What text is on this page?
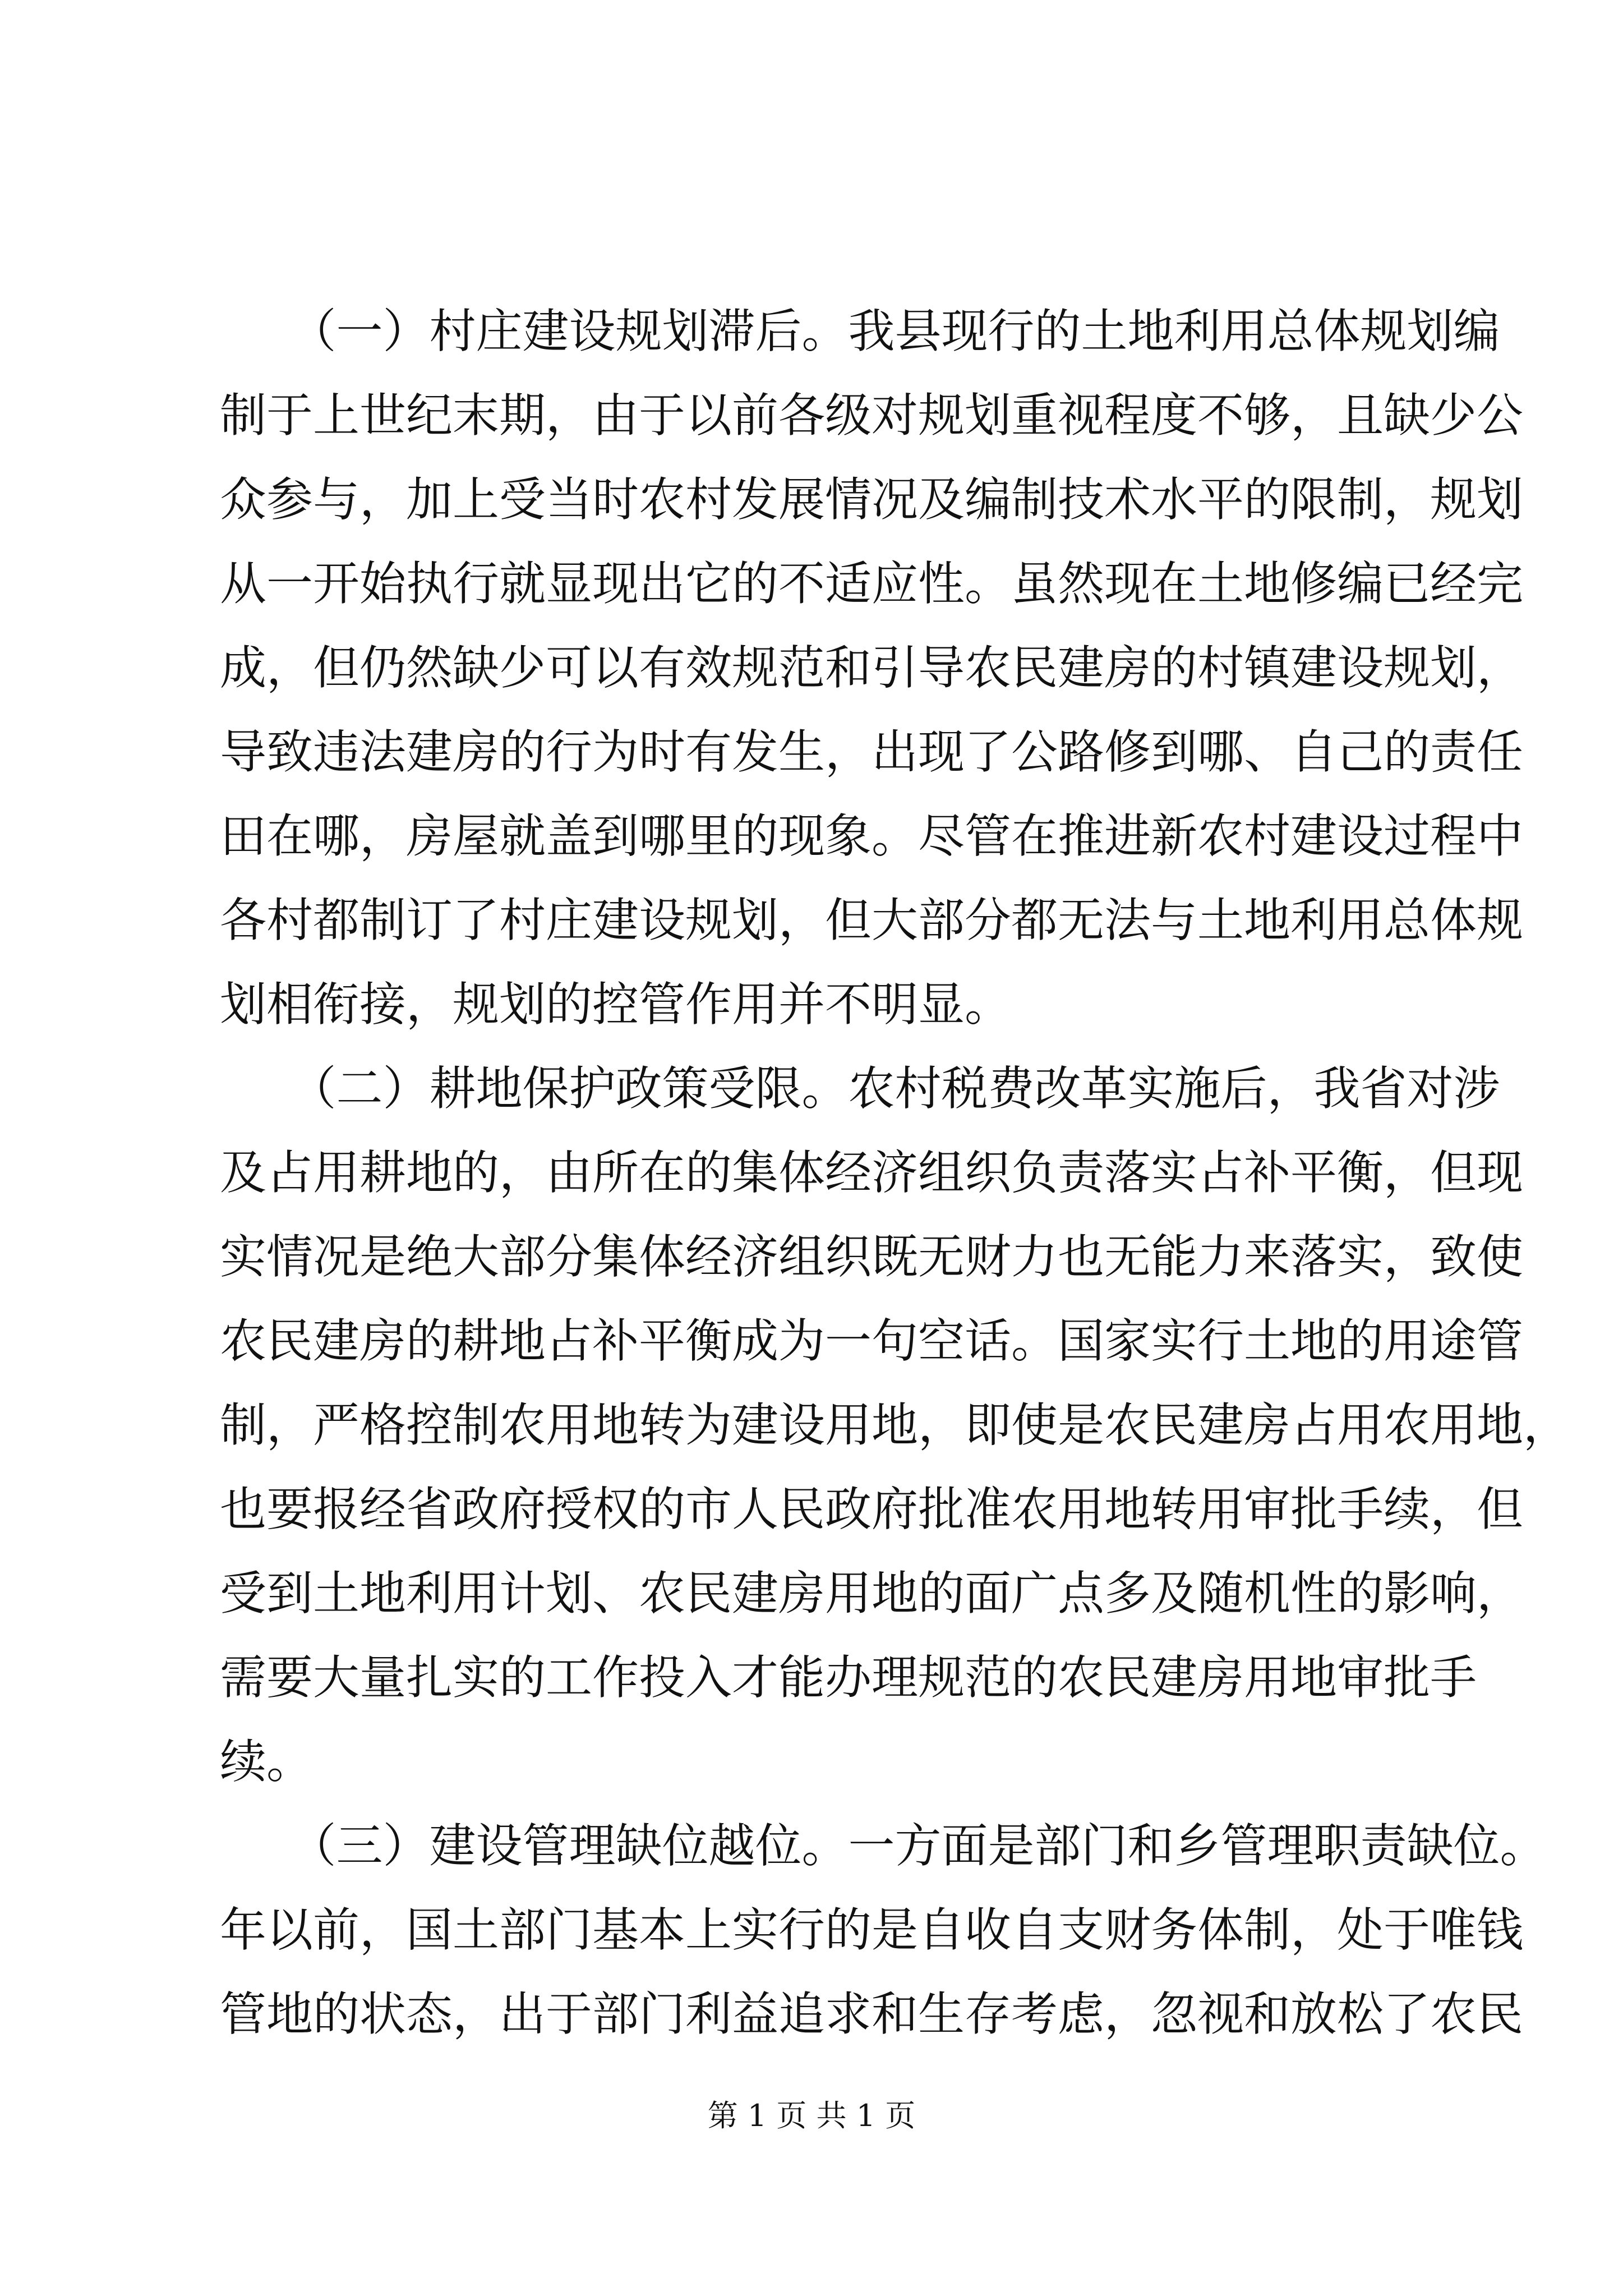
　　（一）村庄建设规划滞后。我县现行的土地利用总体规划编
制于上世纪末期，由于以前各级对规划重视程度不够，且缺少公
众参与，加上受当时农村发展情况及编制技术水平的限制，规划
从一开始执行就显现出它的不适应性。虽然现在土地修编已经完
成，但仍然缺少可以有效规范和引导农民建房的村镇建设规划，
导致违法建房的行为时有发生，出现了公路修到哪、自己的责任
田在哪，房屋就盖到哪里的现象。尽管在推进新农村建设过程中
各村都制订了村庄建设规划，但大部分都无法与土地利用总体规
划相衔接，规划的控管作用并不明显。
　　（二）耕地保护政策受限。农村税费改革实施后，我省对涉
及占用耕地的，由所在的集体经济组织负责落实占补平衡，但现
实情况是绝大部分集体经济组织既无财力也无能力来落实，致使
农民建房的耕地占补平衡成为一句空话。国家实行土地的用途管
制，严格控制农用地转为建设用地，即使是农民建房占用农用地，
也要报经省政府授权的市人民政府批准农用地转用审批手续，但
受到土地利用计划、农民建房用地的面广点多及随机性的影响，
需要大量扎实的工作投入才能办理规范的农民建房用地审批手
续。
　　（三）建设管理缺位越位。一方面是部门和乡管理职责缺位。
年以前，国土部门基本上实行的是自收自支财务体制，处于唯钱
管地的状态，出于部门利益追求和生存考虑，忽视和放松了农民
第 1 页 共 1 页
